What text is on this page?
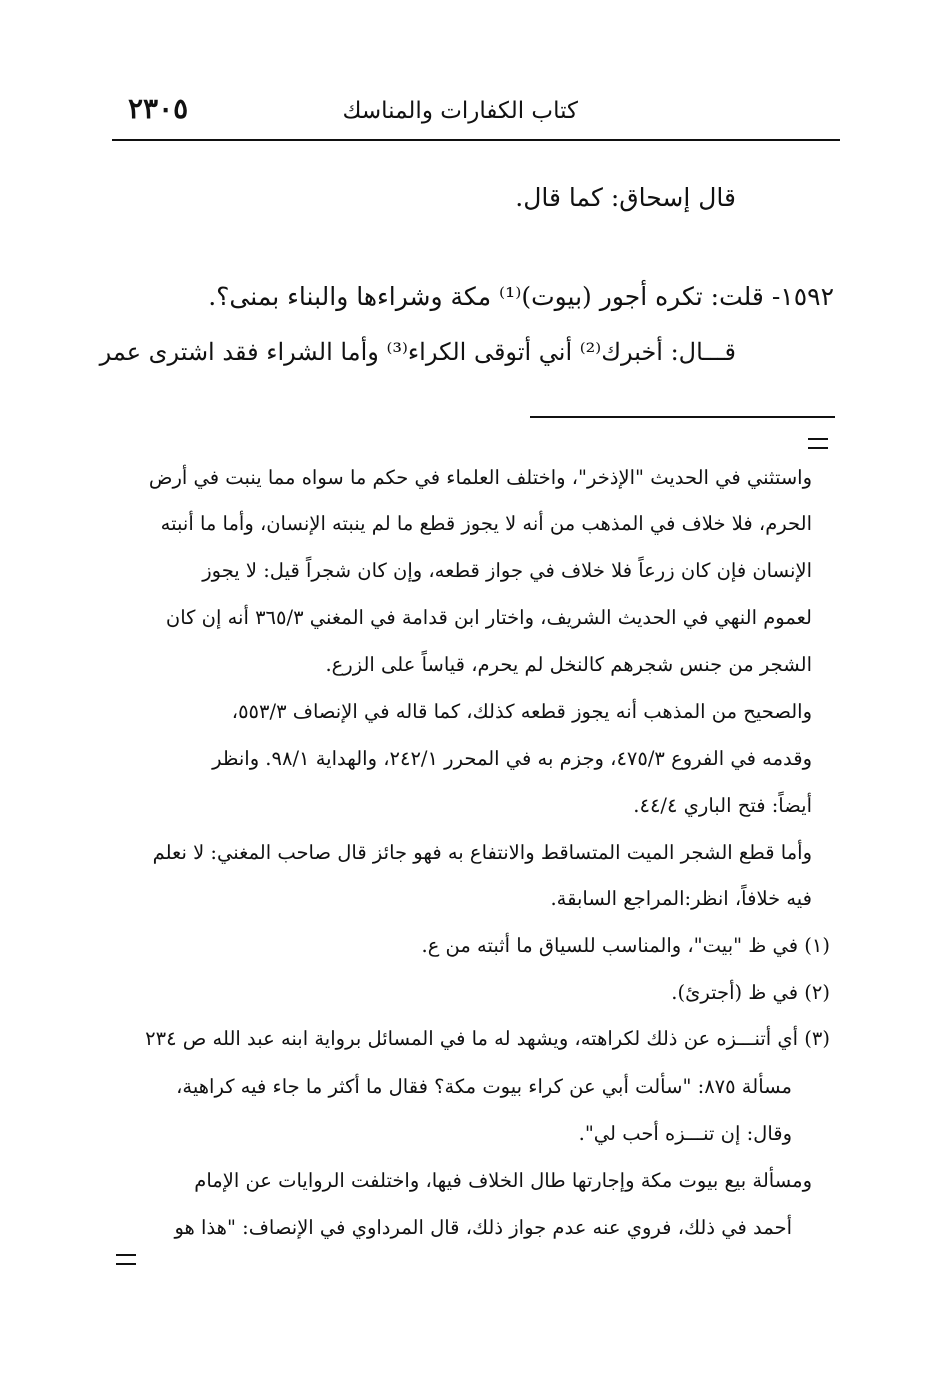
كتاب الكفارات والمناسك
٢٣٠٥
قال إسحاق: كما قال.
١٥٩٢- قلت: تكره أجور (بيوت)⁽¹⁾ مكة وشراءها والبناء بمنى؟.
قـــال: أخبرك⁽²⁾ أني أتوقى الكراء⁽³⁾ وأما الشراء فقد اشترى عمر
واستثني في الحديث "الإذخر"، واختلف العلماء في حكم ما سواه مما ينبت في أرض
الحرم، فلا خلاف في المذهب من أنه لا يجوز قطع ما لم ينبته الإنسان، وأما ما أنبته
الإنسان فإن كان زرعاً فلا خلاف في جواز قطعه، وإن كان شجراً قيل: لا يجوز
لعموم النهي في الحديث الشريف، واختار ابن قدامة في المغني ٣٦٥/٣ أنه إن كان
الشجر من جنس شجرهم كالنخل لم يحرم، قياساً على الزرع.
والصحيح من المذهب أنه يجوز قطعه كذلك، كما قاله في الإنصاف ٥٥٣/٣،
وقدمه في الفروع ٤٧٥/٣، وجزم به في المحرر ٢٤٢/١، والهداية ٩٨/١. وانظر
أيضاً: فتح الباري ٤٤/٤.
وأما قطع الشجر الميت المتساقط والانتفاع به فهو جائز قال صاحب المغني: لا نعلم
فيه خلافاً، انظر:المراجع السابقة.
(١) في ظ "بيت"، والمناسب للسياق ما أثبته من ع.
(٢) في ظ (أجترئ).
(٣) أي أتنـــزه عن ذلك لكراهته، ويشهد له ما في المسائل برواية ابنه عبد الله ص ٢٣٤
مسألة ٨٧٥: "سألت أبي عن كراء بيوت مكة؟ فقال ما أكثر ما جاء فيه كراهية،
وقال: إن تنـــزه أحب لي".
ومسألة بيع بيوت مكة وإجارتها طال الخلاف فيها، واختلفت الروايات عن الإمام
أحمد في ذلك، فروي عنه عدم جواز ذلك، قال المرداوي في الإنصاف: "هذا هو
